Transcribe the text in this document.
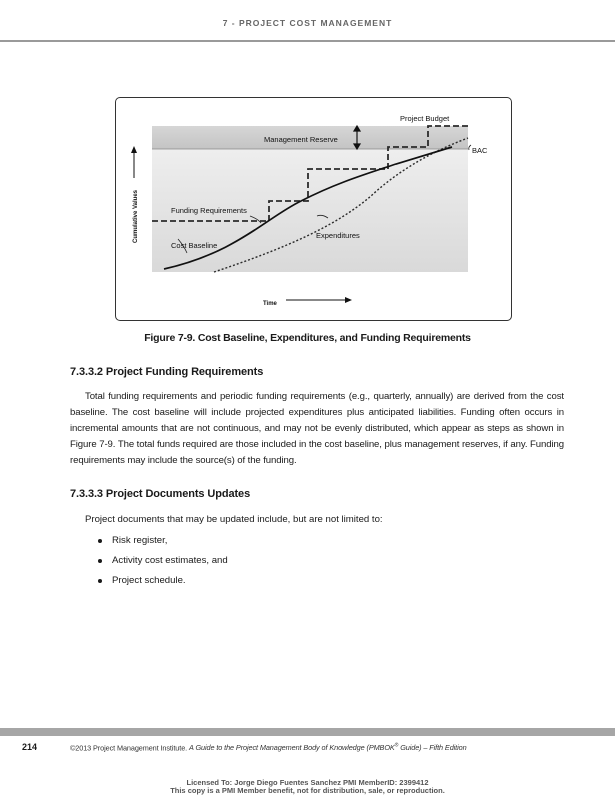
7 - PROJECT COST MANAGEMENT
Project Budget
Management Reserve
BAC
Funding Requirements
Expenditures
Cost Baseline
Cumulative Values
Time
Figure 7-9. Cost Baseline, Expenditures, and Funding Requirements
7.3.3.2 Project Funding Requirements

Total funding requirements and periodic funding requirements (e.g., quarterly, annually) are derived from the cost baseline. The cost baseline will include projected expenditures plus anticipated liabilities. Funding often occurs in incremental amounts that are not continuous, and may not be evenly distributed, which appear as steps as shown in Figure 7-9. The total funds required are those included in the cost baseline, plus management reserves, if any. Funding requirements may include the source(s) of the funding.

7.3.3.3 Project Documents Updates

Project documents that may be updated include, but are not limited to:

Risk register,
Activity cost estimates, and
Project schedule.
214	©2013 Project Management Institute. A Guide to the Project Management Body of Knowledge (PMBOK® Guide) – Fifth Edition
Licensed To: Jorge Diego Fuentes Sanchez PMI MemberID: 2399412
This copy is a PMI Member benefit, not for distribution, sale, or reproduction.
